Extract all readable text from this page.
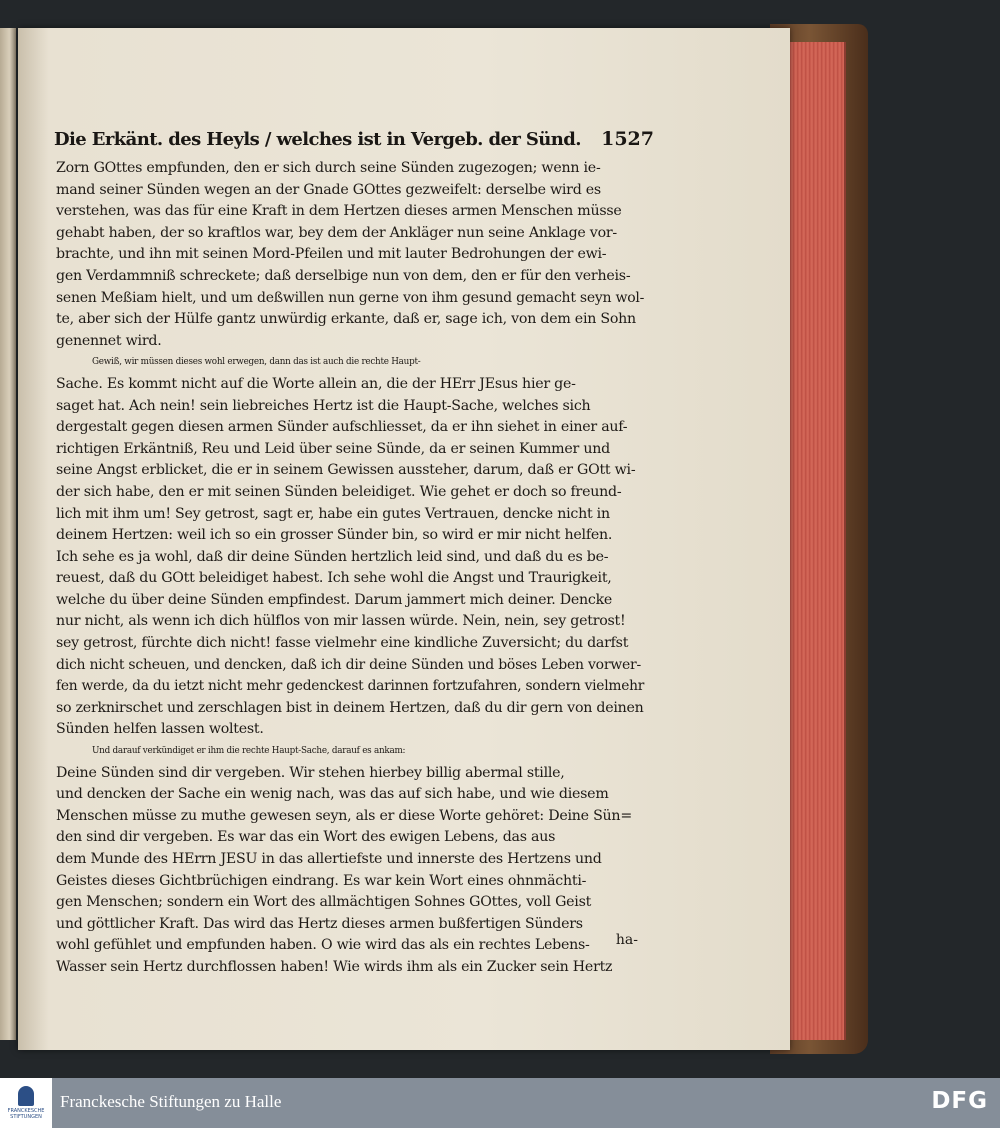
Die Erkänt. des Heyls / welches ist in Vergeb. der Sünd. 1527
Zorn GOttes empfunden, den er sich durch seine Sünden zugezogen; wenn ie-
mand seiner Sünden wegen an der Gnade GOttes gezweifelt: derselbe wird es
verstehen, was das für eine Kraft in dem Hertzen dieses armen Menschen müsse
gehabt haben, der so kraftlos war, bey dem der Ankläger nun seine Anklage vor-
brachte, und ihn mit seinen Mord-Pfeilen und mit lauter Bedrohungen der ewi-
gen Verdammniß schreckete; daß derselbige nun von dem, den er für den verheis-
senen Meßiam hielt, und um deßwillen nun gerne von ihm gesund gemacht seyn wol-
te, aber sich der Hülfe gantz unwürdig erkante, daß er, sage ich, von dem ein Sohn
genennet wird.
Gewiß, wir müssen dieses wohl erwegen, dann das ist auch die rechte Haupt-
Sache. Es kommt nicht auf die Worte allein an, die der HErr JEsus hier ge-
saget hat. Ach nein! sein liebreiches Hertz ist die Haupt-Sache, welches sich
dergestalt gegen diesen armen Sünder aufschliesset, da er ihn siehet in einer auf-
richtigen Erkäntniß, Reu und Leid über seine Sünde, da er seinen Kummer und
seine Angst erblicket, die er in seinem Gewissen aussteher, darum, daß er GOtt wi-
der sich habe, den er mit seinen Sünden beleidiget. Wie gehet er doch so freund-
lich mit ihm um! Sey getrost, sagt er, habe ein gutes Vertrauen, dencke nicht in
deinem Hertzen: weil ich so ein grosser Sünder bin, so wird er mir nicht helfen.
Ich sehe es ja wohl, daß dir deine Sünden hertzlich leid sind, und daß du es be-
reuest, daß du GOtt beleidiget habest. Ich sehe wohl die Angst und Traurigkeit,
welche du über deine Sünden empfindest. Darum jammert mich deiner. Dencke
nur nicht, als wenn ich dich hülflos von mir lassen würde. Nein, nein, sey getrost!
sey getrost, fürchte dich nicht! fasse vielmehr eine kindliche Zuversicht; du darfst
dich nicht scheuen, und dencken, daß ich dir deine Sünden und böses Leben vorwer-
fen werde, da du ietzt nicht mehr gedenckest darinnen fortzufahren, sondern vielmehr
so zerknirschet und zerschlagen bist in deinem Hertzen, daß du dir gern von deinen
Sünden helfen lassen woltest.
Und darauf verkündiget er ihm die rechte Haupt-Sache, darauf es ankam:
Deine Sünden sind dir vergeben. Wir stehen hierbey billig abermal stille,
und dencken der Sache ein wenig nach, was das auf sich habe, und wie diesem
Menschen müsse zu muthe gewesen seyn, als er diese Worte gehöret: Deine Sün=
den sind dir vergeben. Es war das ein Wort des ewigen Lebens, das aus
dem Munde des HErrn JESU in das allertiefste und innerste des Hertzens und
Geistes dieses Gichtbrüchigen eindrang. Es war kein Wort eines ohnmächti-
gen Menschen; sondern ein Wort des allmächtigen Sohnes GOttes, voll Geist
und göttlicher Kraft. Das wird das Hertz dieses armen bußfertigen Sünders
wohl gefühlet und empfunden haben. O wie wird das als ein rechtes Lebens-
Wasser sein Hertz durchflossen haben! Wie wirds ihm als ein Zucker sein Hertz
ha-
FRANCKESCHE STIFTUNGEN
Franckesche Stiftungen zu Halle	DFG
